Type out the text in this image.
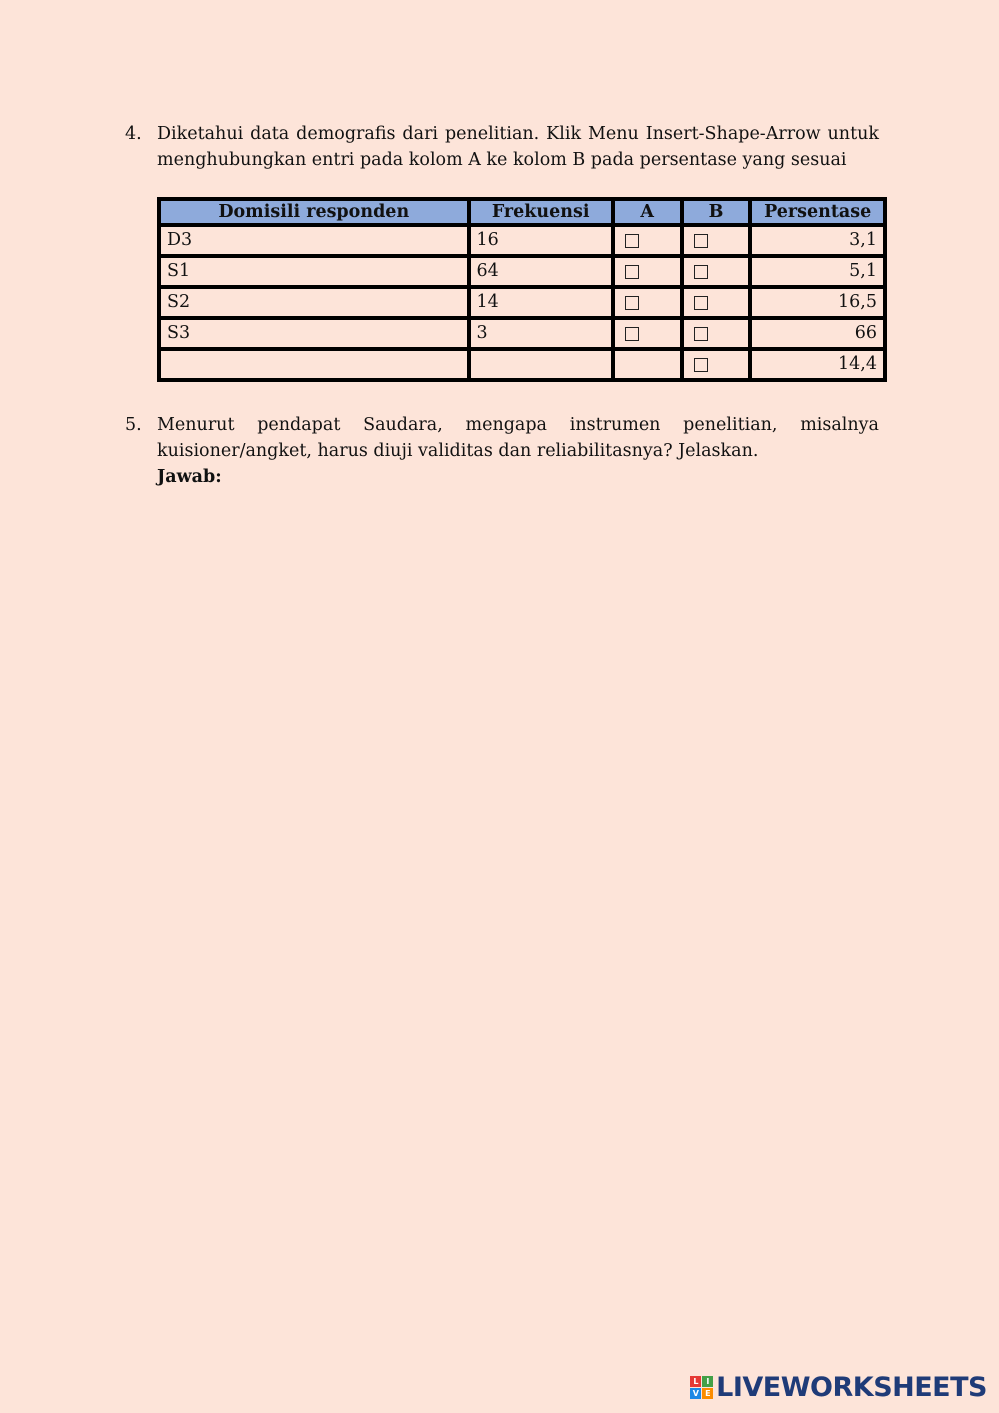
4. Diketahui data demografis dari penelitian. Klik Menu Insert-Shape-Arrow untuk
menghubungkan entri pada kolom A ke kolom B pada persentase yang sesuai
Domisili responden	Frekuensi	A	B	Persentase
D3	16			3,1
S1	64			5,1
S2	14			16,5
S3	3			66
				14,4
5. Menurut pendapat Saudara, mengapa instrumen penelitian, misalnya
kuisioner/angket, harus diuji validitas dan reliabilitasnya? Jelaskan.
Jawab:
L	I
V E LIVEWORKSHEETS
